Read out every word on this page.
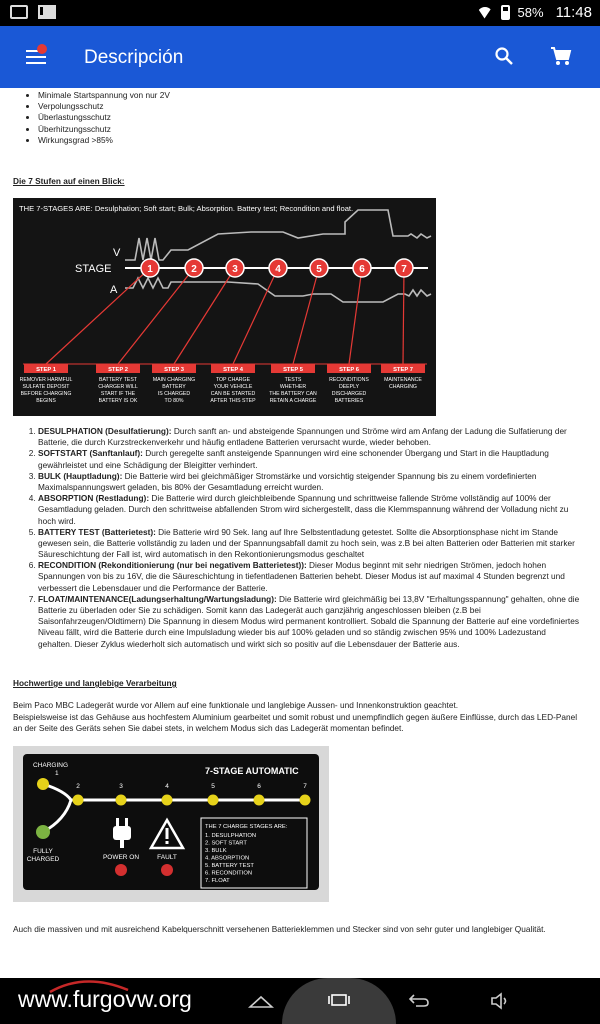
58% 11:48
Descripción
• Minimale Startspannung von nur 2V
• Verpolungsschutz
• Überlastungsschutz
• Überhitzungsschutz
• Wirkungsgrad >85%
Die 7 Stufen auf einen Blick:
THE 7-STAGES ARE: Desulphation; Soft start; Bulk; Absorption. Battery test; Recondition and float.
V
STAGE
A
1
STEP 1
REMOVER HARMFUL
SULFATE DEPOSIT
BEFORE CHARGING
BEGINS
2
STEP 2
BATTERY TEST
CHARGER WILL
START IF THE
BATTERY IS OK
3
STEP 3
MAIN CHARGING
BATTERY
IS CHARGED
TO 80%
4
STEP 4
TOP CHARGE
YOUR VEHICLE
CAN BE STARTED
AFTER THIS STEP
5
STEP 5
TESTS
WHETHER
THE BATTERY CAN
RETAIN A CHARGE
6
STEP 6
RECONDITIONS
DEEPLY
DISCHARGED
BATTERIES
7
STEP 7
MAINTENANCE
CHARGING
1. DESULPHATION (Desulfatierung): Durch sanft an- und absteigende Spannungen und Ströme wird am Anfang der Ladung die Sulfatierung der Batterie, die durch Kurzstreckenverkehr und häufig entladene Batterien verursacht wurde, wieder behoben.
2. SOFTSTART (Sanftanlauf): Durch geregelte sanft ansteigende Spannungen wird eine schonender Übergang und Start in die Hauptladung gewährleistet und eine Schädigung der Bleigitter verhindert.
3. BULK (Hauptladung): Die Batterie wird bei gleichmäßiger Stromstärke und vorsichtig steigender Spannung bis zu einem vordefinierten Maximalspannungswert geladen, bis 80% der Gesamtladung erreicht wurden.
4. ABSORPTION (Restladung): Die Batterie wird durch gleichbleibende Spannung und schrittweise fallende Ströme vollständig auf 100% der Gesamtladung geladen. Durch den schrittweise abfallenden Strom wird sichergestellt, dass die Klemmspannung während der Volladung nicht zu hoch wird.
5. BATTERY TEST (Batterietest): Die Batterie wird 90 Sek. lang auf Ihre Selbstentladung getestet. Sollte die Absorptionsphase nicht im Stande gewesen sein, die Batterie vollständig zu laden und der Spannungsabfall damit zu hoch sein, was z.B bei alten Batterien oder Batterien mit starker Säureschichtung der Fall ist, wird automatisch in den Rekontionierungsmodus geschaltet
6. RECONDITION (Rekonditionierung (nur bei negativem Batterietest)): Dieser Modus beginnt mit sehr niedrigen Strömen, jedoch hohen Spannungen von bis zu 16V, die die Säureschichtung in tiefentladenen Batterien behebt. Dieser Modus ist auf maximal 4 Stunden begrenzt und verbessert die Lebensdauer und die Performance der Batterie.
7. FLOAT/MAINTENANCE(Ladungserhaltung/Wartungsladung): Die Batterie wird gleichmäßig bei 13,8V "Erhaltungsspannung" gehalten, ohne die Batterie zu überladen oder Sie zu schädigen. Somit kann das Ladegerät auch ganzjährig angeschlossen bleiben (z.B bei Saisonfahrzeugen/Oldtimern) Die Spannung in diesem Modus wird permanent kontrolliert. Sobald die Spannung der Batterie auf eine vordefiniertes Niveau fällt, wird die Batterie durch eine Impulsladung wieder bis auf 100% geladen und so ständig zwischen 95% und 100% Ladezustand gehalten. Dieser Zyklus wiederholt sich automatisch und wirkt sich so positiv auf die Lebensdauer der Batterie aus.
Hochwertige und langlebige Verarbeitung
Beim Paco MBC Ladegerät wurde vor Allem auf eine funktionale und langlebige Aussen- und Innenkonstruktion geachtet.
Beispielsweise ist das Gehäuse aus hochfestem Aluminium gearbeitet und somit robust und unempfindlich gegen äußere Einflüsse, durch das LED-Panel an der Seite des Geräts sehen Sie dabei stets, in welchem Modus sich das Ladegerät momentan befindet.
CHARGING
1
FULLY
CHARGED
7-STAGE AUTOMATIC
2	3	4	5	6	7
POWER ON	FAULT
THE 7 CHARGE STAGES ARE:
1. DESULPHATION
2. SOFT START
3. BULK
4. ABSORPTION
5. BATTERY TEST
6. RECONDITION
7. FLOAT
Auch die massiven und mit ausreichend Kabelquerschnitt versehenen Batterieklemmen und Stecker sind von sehr guter und langlebiger Qualität.
www.furgovw.org
